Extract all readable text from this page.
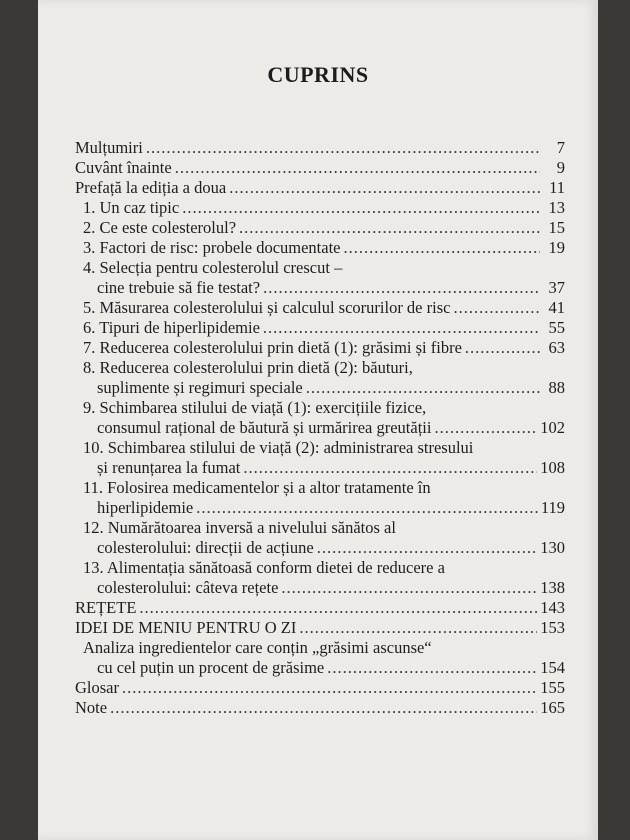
CUPRINS
Mulțumiri .....	7
Cuvânt înainte .....	9
Prefață la ediția a doua .....	11
1. Un caz tipic .....	13
2. Ce este colesterolul? .....	15
3. Factori de risc: probele documentate .....	19
4. Selecția pentru colesterolul crescut –
cine trebuie să fie testat? .....	37
5. Măsurarea colesterolului și calculul scorurilor de risc .....	41
6. Tipuri de hiperlipidemie .....	55
7. Reducerea colesterolului prin dietă (1): grăsimi și fibre .....	63
8. Reducerea colesterolului prin dietă (2): băuturi,
suplimente și regimuri speciale .....	88
9. Schimbarea stilului de viață (1): exercițiile fizice,
consumul rațional de băutură și urmărirea greutății .....	102
10. Schimbarea stilului de viață (2): administrarea stresului
și renunțarea la fumat .....	108
11. Folosirea medicamentelor și a altor tratamente în
hiperlipidemie .....	119
12. Numărătoarea inversă a nivelului sănătos al
colesterolului: direcții de acțiune .....	130
13. Alimentația sănătoasă conform dietei de reducere a
colesterolului: câteva rețete .....	138
REȚETE .....	143
IDEI DE MENIU PENTRU O ZI .....	153
Analiza ingredientelor care conțin „grăsimi ascunse“
cu cel puțin un procent de grăsime .....	154
Glosar .....	155
Note .....	165
